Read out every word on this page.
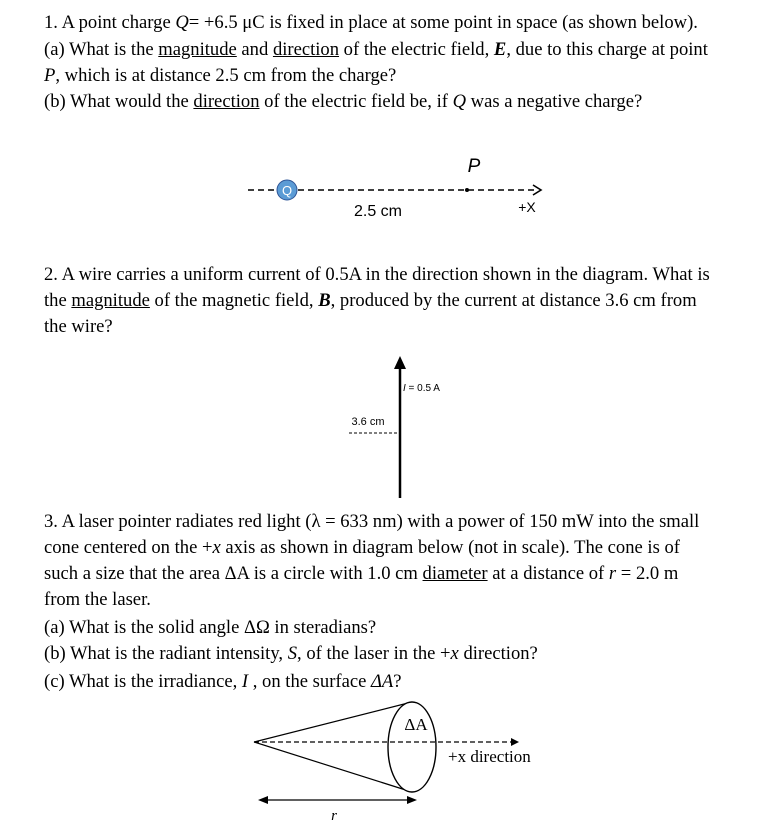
1. A point charge Q= +6.5 μC is fixed in place at some point in space (as shown below).
(a) What is the magnitude and direction of the electric field, E, due to this charge at point
P, which is at distance 2.5 cm from the charge?
(b) What would the direction of the electric field be, if Q was a negative charge?
Q
P
2.5 cm	+X
2. A wire carries a uniform current of 0.5A in the direction shown in the diagram. What is
the magnitude of the magnetic field, B, produced by the current at distance 3.6 cm from
the wire?
I = 0.5 A
3.6 cm
3. A laser pointer radiates red light (λ = 633 nm) with a power of 150 mW into the small
cone centered on the +x axis as shown in diagram below (not in scale). The cone is of
such a size that the area ΔA is a circle with 1.0 cm diameter at a distance of r = 2.0 m
from the laser.
(a) What is the solid angle ΔΩ in steradians?
(b) What is the radiant intensity, S, of the laser in the +x direction?
(c) What is the irradiance, I , on the surface ΔA?
ΔA
+x direction
r
